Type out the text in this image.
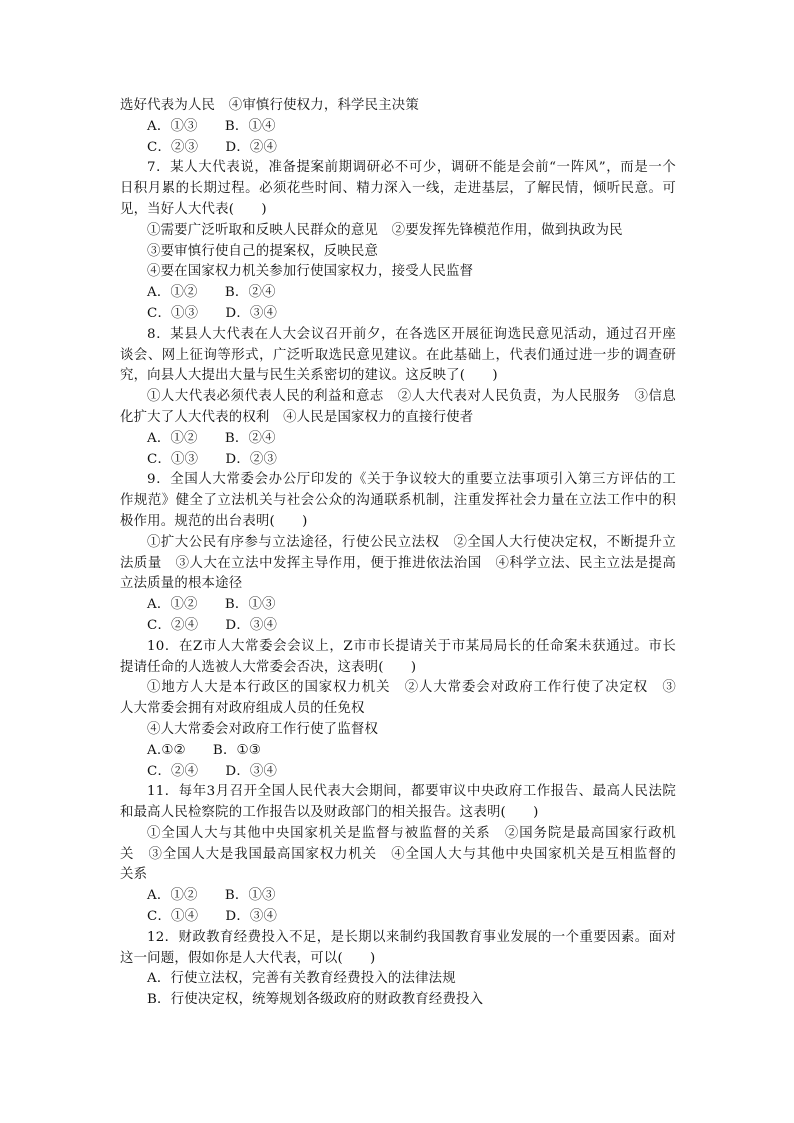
选好代表为人民　④审慎行使权力，科学民主决策
A．①③　　B．①④
C．②③　　D．②④
7．某人大代表说，准备提案前期调研必不可少，调研不能是会前“一阵风”，而是一个
日积月累的长期过程。必须花些时间、精力深入一线，走进基层，了解民情，倾听民意。可
见，当好人大代表(　　)
①需要广泛听取和反映人民群众的意见　②要发挥先锋模范作用，做到执政为民
③要审慎行使自己的提案权，反映民意
④要在国家权力机关参加行使国家权力，接受人民监督
A．①②　　B．②④
C．①③　　D．③④
8．某县人大代表在人大会议召开前夕，在各选区开展征询选民意见活动，通过召开座
谈会、网上征询等形式，广泛听取选民意见建议。在此基础上，代表们通过进一步的调查研
究，向县人大提出大量与民生关系密切的建议。这反映了(　　)
①人大代表必须代表人民的利益和意志　②人大代表对人民负责，为人民服务　③信息
化扩大了人大代表的权利　④人民是国家权力的直接行使者
A．①②　　B．②④
C．①③　　D．②③
9．全国人大常委会办公厅印发的《关于争议较大的重要立法事项引入第三方评估的工
作规范》健全了立法机关与社会公众的沟通联系机制，注重发挥社会力量在立法工作中的积
极作用。规范的出台表明(　　)
①扩大公民有序参与立法途径，行使公民立法权　②全国人大行使决定权，不断提升立
法质量　③人大在立法中发挥主导作用，便于推进依法治国　④科学立法、民主立法是提高
立法质量的根本途径
A．①②　　B．①③
C．②④　　D．③④
10．在Z市人大常委会会议上，Z市市长提请关于市某局局长的任命案未获通过。市长
提请任命的人选被人大常委会否决，这表明(　　)
①地方人大是本行政区的国家权力机关　②人大常委会对政府工作行使了决定权　③
人大常委会拥有对政府组成人员的任免权
④人大常委会对政府工作行使了监督权
A.①②　　B．①③
C．②④　　D．③④
11．每年3月召开全国人民代表大会期间，都要审议中央政府工作报告、最高人民法院
和最高人民检察院的工作报告以及财政部门的相关报告。这表明(　　)
①全国人大与其他中央国家机关是监督与被监督的关系　②国务院是最高国家行政机
关　③全国人大是我国最高国家权力机关　④全国人大与其他中央国家机关是互相监督的
关系
A．①②　　B．①③
C．①④　　D．③④
12．财政教育经费投入不足，是长期以来制约我国教育事业发展的一个重要因素。面对
这一问题，假如你是人大代表，可以(　　)
A．行使立法权，完善有关教育经费投入的法律法规
B．行使决定权，统筹规划各级政府的财政教育经费投入
